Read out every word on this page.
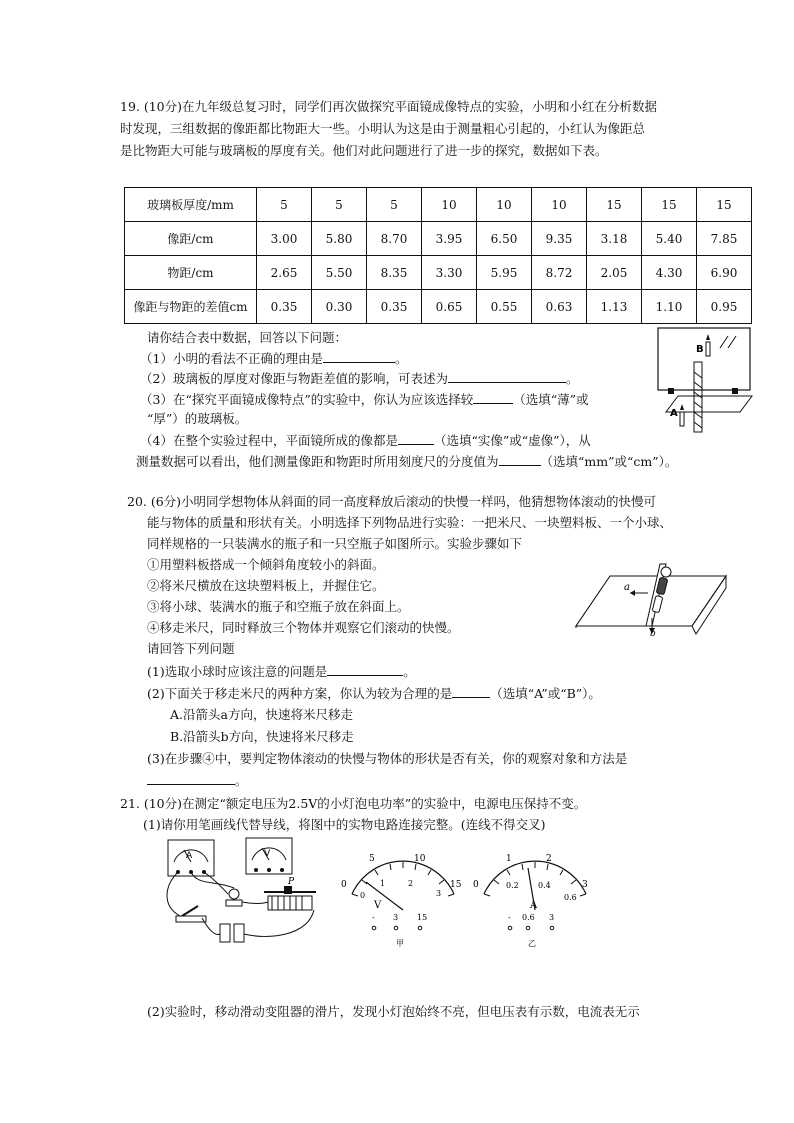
19. (10分)在九年级总复习时，同学们再次做探究平面镜成像特点的实验，小明和小红在分析数据
时发现，三组数据的像距都比物距大一些。小明认为这是由于测量粗心引起的，小红认为像距总
是比物距大可能与玻璃板的厚度有关。他们对此问题进行了进一步的探究，数据如下表。
玻璃板厚度/mm	5	5	5	10	10	10	15	15	15
像距/cm	3.00	5.80	8.70	3.95	6.50	9.35	3.18	5.40	7.85
物距/cm	2.65	5.50	8.35	3.30	5.95	8.72	2.05	4.30	6.90
像距与物距的差值cm	0.35	0.30	0.35	0.65	0.55	0.63	1.13	1.10	0.95
请你结合表中数据，回答以下问题：
（1）小明的看法不正确的理由是	。
（2）玻璃板的厚度对像距与物距差值的影响，可表述为	。
（3）在“探究平面镜成像特点”的实验中，你认为应该选择较	（选填“薄”或
“厚”）的玻璃板。
（4）在整个实验过程中，平面镜所成的像都是	（选填“实像”或“虚像”），从
测量数据可以看出，他们测量像距和物距时所用刻度尺的分度值为	（选填“mm”或“cm”）。
B
A
20. (6分)小明同学想物体从斜面的同一高度释放后滚动的快慢一样吗，他猜想物体滚动的快慢可
能与物体的质量和形状有关。小明选择下列物品进行实验：一把米尺、一块塑料板、一个小球、
同样规格的一只装满水的瓶子和一只空瓶子如图所示。实验步骤如下
①用塑料板搭成一个倾斜角度较小的斜面。
②将米尺横放在这块塑料板上，并握住它。
③将小球、装满水的瓶子和空瓶子放在斜面上。
④移走米尺，同时释放三个物体并观察它们滚动的快慢。
请回答下列问题
(1)选取小球时应该注意的问题是	。
(2)下面关于移走米尺的两种方案，你认为较为合理的是	（选填“A”或“B”）。
A.沿箭头a方向，快速将米尺移走
B.沿箭头b方向，快速将米尺移走
(3)在步骤④中，要判定物体滚动的快慢与物体的形状是否有关，你的观察对象和方法是
。
a
b
21. (10分)在测定“额定电压为2.5V的小灯泡电功率”的实验中，电源电压保持不变。
(1)请你用笔画线代替导线，将图中的实物电路连接完整。(连线不得交叉)
A	V
P
5	10
0	15
0
1	2
3
V
- 3 15
甲
1	2
0	3
0.2 0.4
0.6
A
- 0.6 3
乙
(2)实验时，移动滑动变阻器的滑片，发现小灯泡始终不亮，但电压表有示数，电流表无示
